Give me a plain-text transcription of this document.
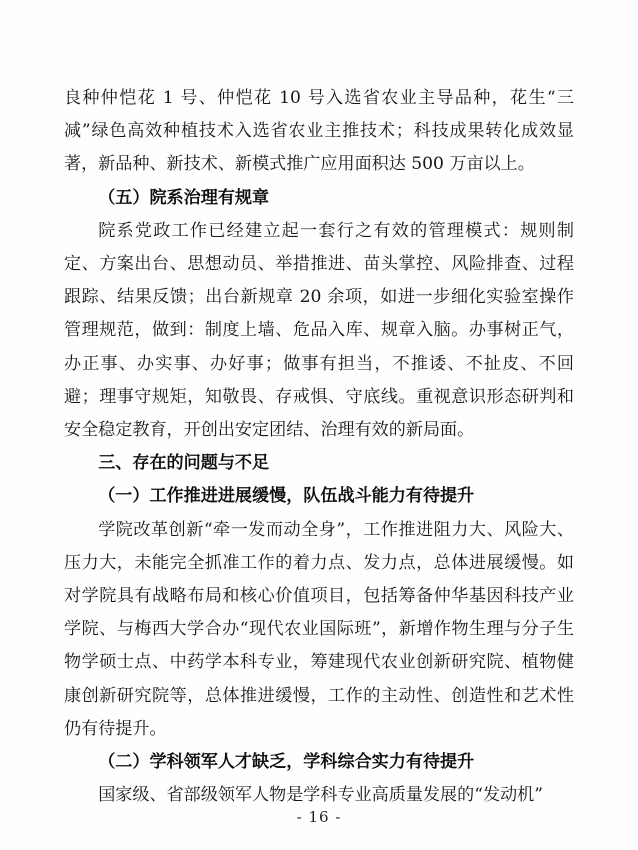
良种仲恺花 1 号、仲恺花 10 号入选省农业主导品种，花生“三减”绿色高效种植技术入选省农业主推技术；科技成果转化成效显著，新品种、新技术、新模式推广应用面积达 500 万亩以上。

（五）院系治理有规章

院系党政工作已经建立起一套行之有效的管理模式：规则制定、方案出台、思想动员、举措推进、苗头掌控、风险排查、过程跟踪、结果反馈；出台新规章 20 余项，如进一步细化实验室操作管理规范，做到：制度上墙、危品入库、规章入脑。办事树正气，办正事、办实事、办好事；做事有担当，不推诿、不扯皮、不回避；理事守规矩，知敬畏、存戒惧、守底线。重视意识形态研判和安全稳定教育，开创出安定团结、治理有效的新局面。

三、存在的问题与不足

（一）工作推进进展缓慢，队伍战斗能力有待提升

学院改革创新“牵一发而动全身”，工作推进阻力大、风险大、压力大，未能完全抓准工作的着力点、发力点，总体进展缓慢。如对学院具有战略布局和核心价值项目，包括筹备仲华基因科技产业学院、与梅西大学合办“现代农业国际班”，新增作物生理与分子生物学硕士点、中药学本科专业，筹建现代农业创新研究院、植物健康创新研究院等，总体推进缓慢，工作的主动性、创造性和艺术性仍有待提升。

（二）学科领军人才缺乏，学科综合实力有待提升

国家级、省部级领军人物是学科专业高质量发展的“发动机”

- 16 -
